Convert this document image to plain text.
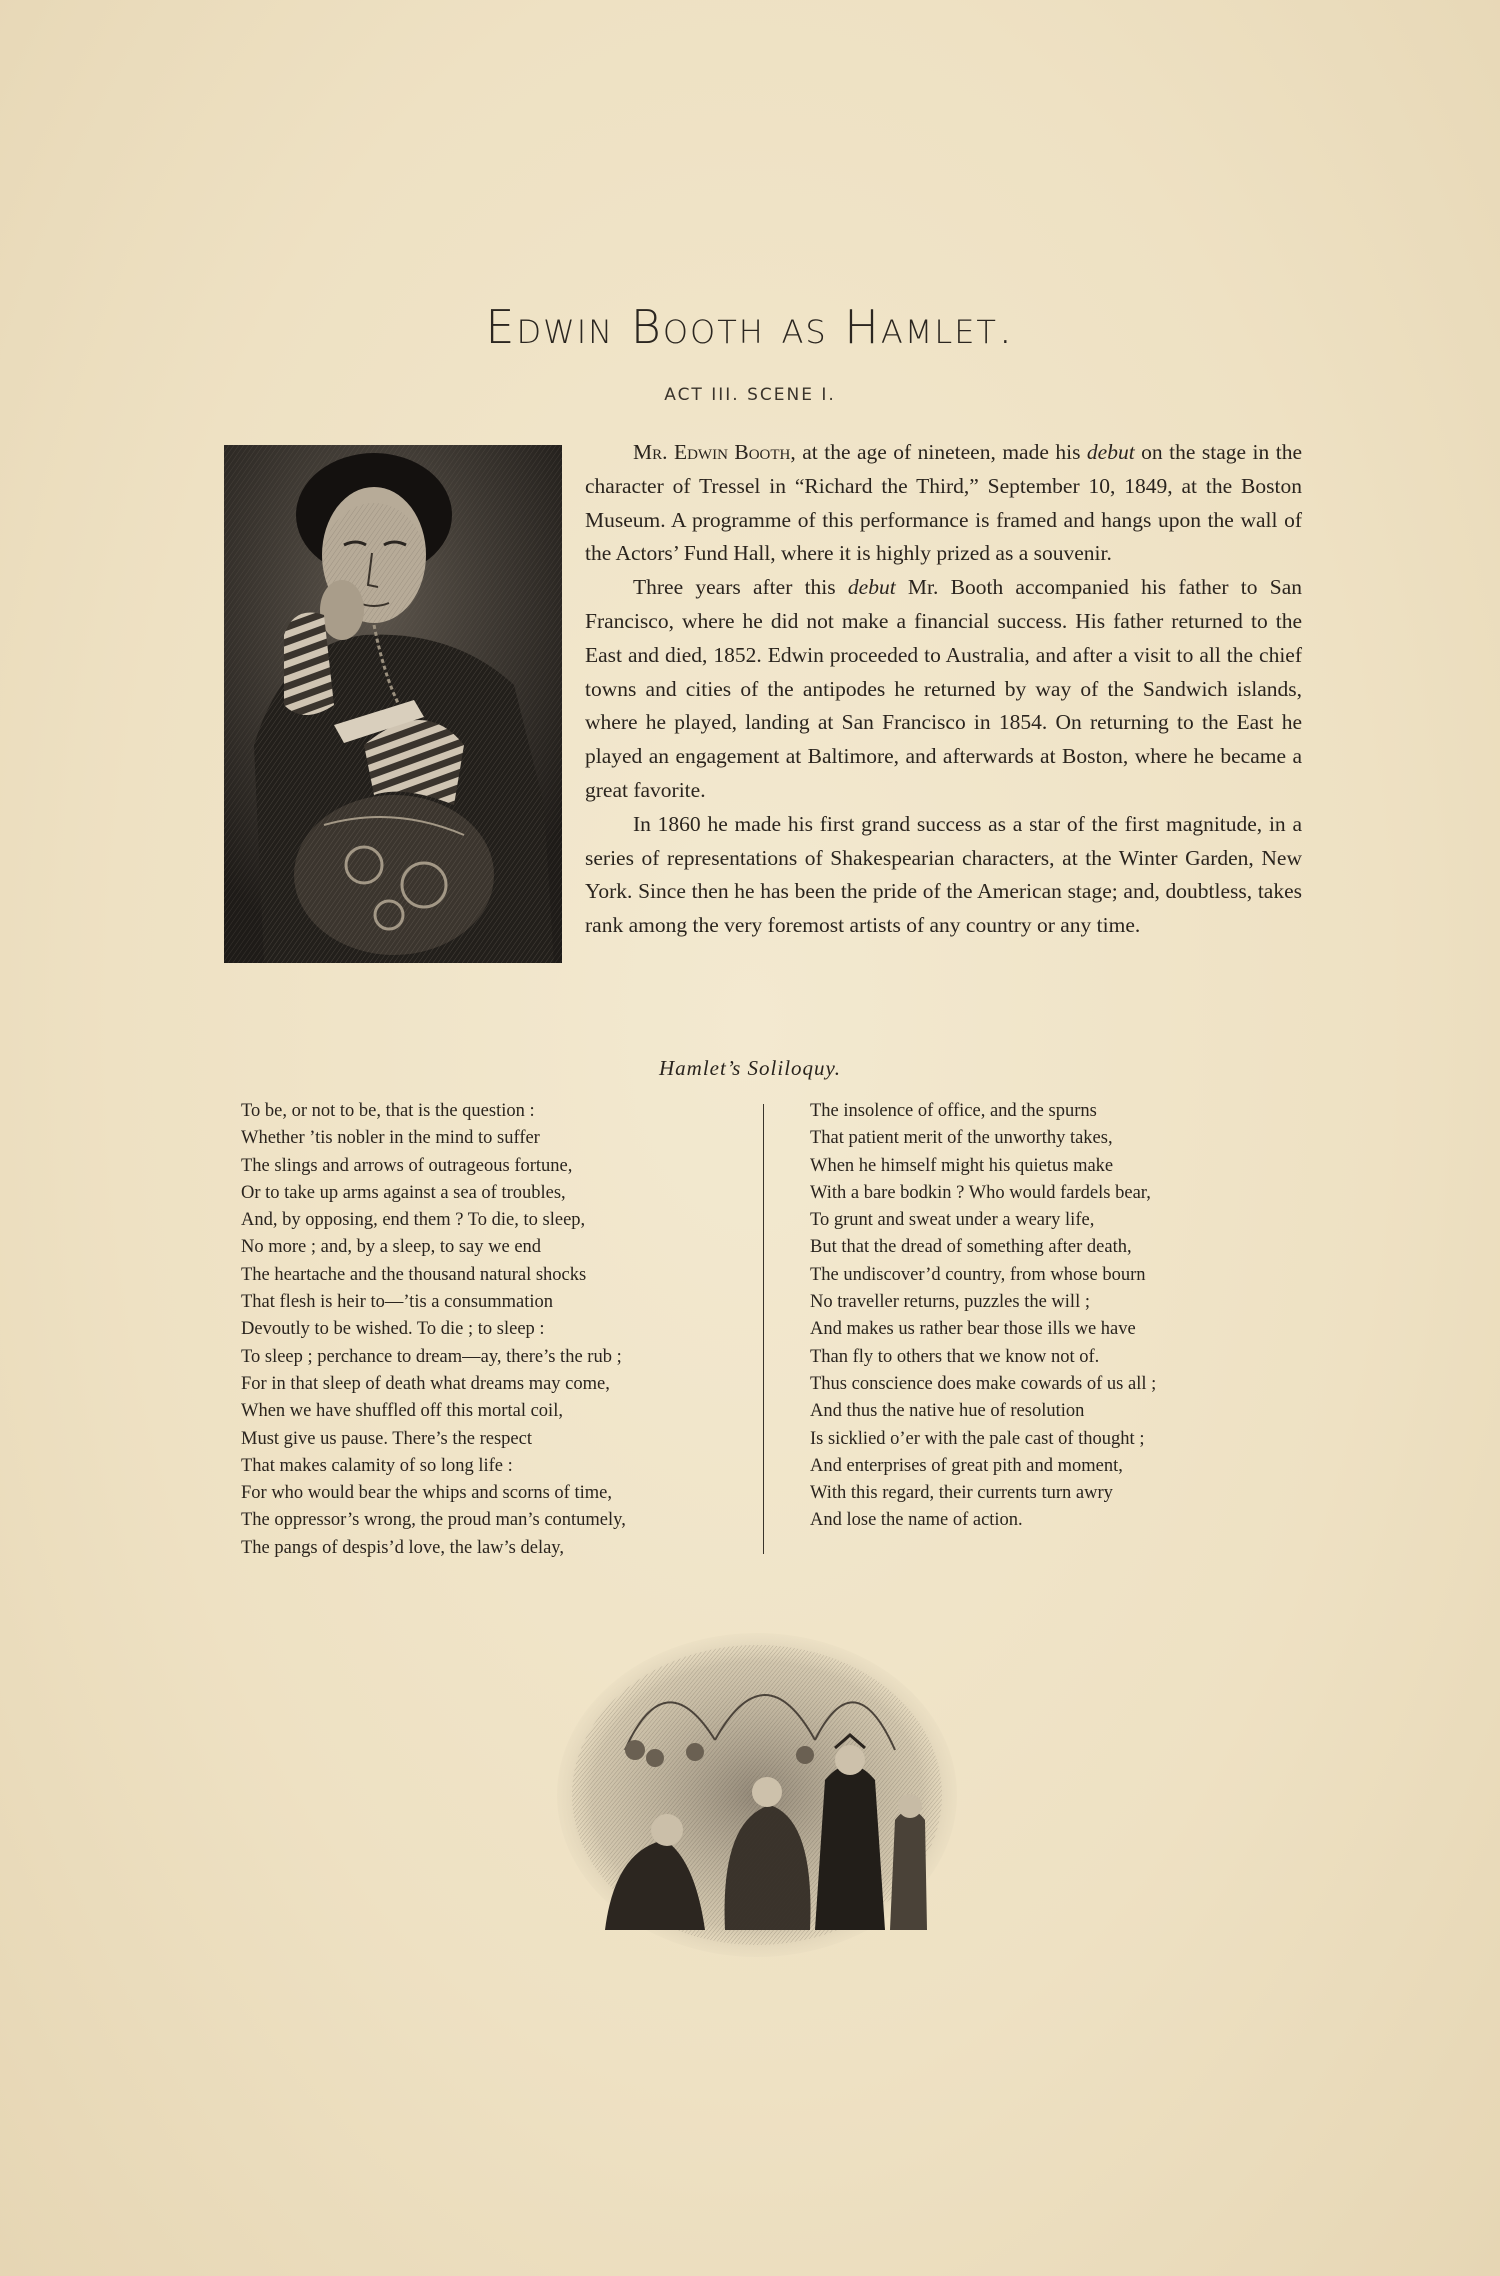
Edwin Booth as Hamlet.
ACT III. SCENE I.

Mr. Edwin Booth, at the age of nineteen, made his debut on the stage in the character of Tressel in “Richard the Third,” September 10, 1849, at the Boston Museum. A programme of this performance is framed and hangs upon the wall of the Actors’ Fund Hall, where it is highly prized as a souvenir.

Three years after this debut Mr. Booth accompanied his father to San Francisco, where he did not make a financial success. His father returned to the East and died, 1852. Edwin proceeded to Australia, and after a visit to all the chief towns and cities of the antipodes he returned by way of the Sandwich islands, where he played, landing at San Francisco in 1854. On returning to the East he played an engagement at Baltimore, and afterwards at Boston, where he became a great favorite.

In 1860 he made his first grand success as a star of the first magnitude, in a series of representations of Shakespearian characters, at the Winter Garden, New York. Since then he has been the pride of the American stage; and, doubtless, takes rank among the very foremost artists of any country or any time.

Hamlet’s Soliloquy.
To be, or not to be, that is the question :
Whether ’tis nobler in the mind to suffer
The slings and arrows of outrageous fortune,
Or to take up arms against a sea of troubles,
And, by opposing, end them ? To die, to sleep,
No more ; and, by a sleep, to say we end
The heartache and the thousand natural shocks
That flesh is heir to—’tis a consummation
Devoutly to be wished. To die ; to sleep :
To sleep ; perchance to dream—ay, there’s the rub ;
For in that sleep of death what dreams may come,
When we have shuffled off this mortal coil,
Must give us pause. There’s the respect
That makes calamity of so long life :
For who would bear the whips and scorns of time,
The oppressor’s wrong, the proud man’s contumely,
The pangs of despis’d love, the law’s delay,
The insolence of office, and the spurns
That patient merit of the unworthy takes,
When he himself might his quietus make
With a bare bodkin ? Who would fardels bear,
To grunt and sweat under a weary life,
But that the dread of something after death,
The undiscover’d country, from whose bourn
No traveller returns, puzzles the will ;
And makes us rather bear those ills we have
Than fly to others that we know not of.
Thus conscience does make cowards of us all ;
And thus the native hue of resolution
Is sicklied o’er with the pale cast of thought ;
And enterprises of great pith and moment,
With this regard, their currents turn awry
And lose the name of action.
